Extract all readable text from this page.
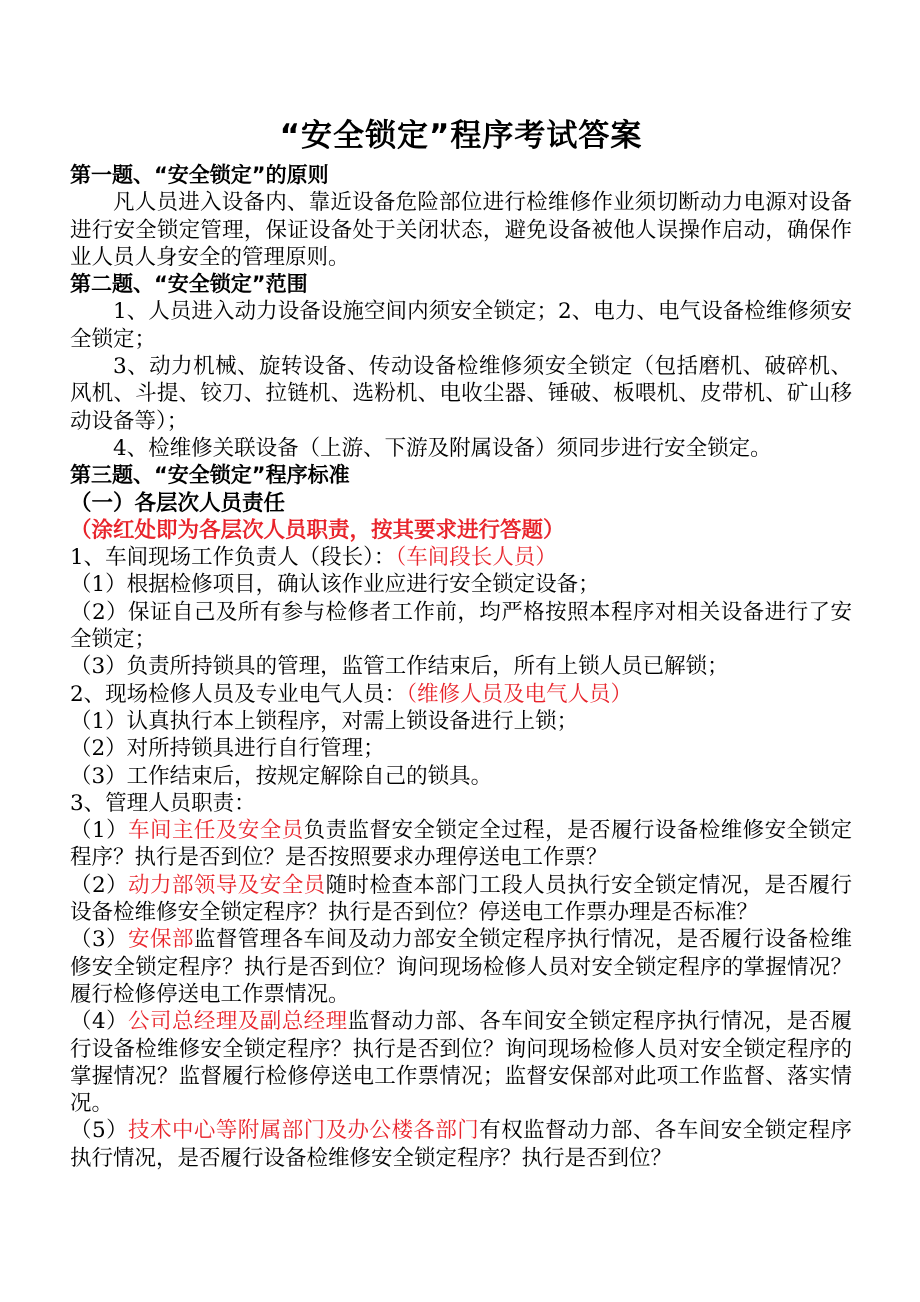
“安全锁定”程序考试答案

第一题、“安全锁定”的原则

凡人员进入设备内、靠近设备危险部位进行检维修作业须切断动力电源对设备进行安全锁定管理，保证设备处于关闭状态，避免设备被他人误操作启动，确保作业人员人身安全的管理原则。

第二题、“安全锁定”范围

1、人员进入动力设备设施空间内须安全锁定；2、电力、电气设备检维修须安全锁定；

3、动力机械、旋转设备、传动设备检维修须安全锁定（包括磨机、破碎机、风机、斗提、铰刀、拉链机、选粉机、电收尘器、锤破、板喂机、皮带机、矿山移动设备等）；

4、检维修关联设备（上游、下游及附属设备）须同步进行安全锁定。

第三题、“安全锁定”程序标准

（一）各层次人员责任

（涂红处即为各层次人员职责，按其要求进行答题）

1、车间现场工作负责人（段长）：（车间段长人员）

（1）根据检修项目，确认该作业应进行安全锁定设备；

（2）保证自己及所有参与检修者工作前，均严格按照本程序对相关设备进行了安全锁定；

（3）负责所持锁具的管理，监管工作结束后，所有上锁人员已解锁；

2、现场检修人员及专业电气人员：（维修人员及电气人员）

（1）认真执行本上锁程序，对需上锁设备进行上锁；

（2）对所持锁具进行自行管理；

（3）工作结束后，按规定解除自己的锁具。

3、管理人员职责：

（1）车间主任及安全员负责监督安全锁定全过程，是否履行设备检维修安全锁定程序？执行是否到位？是否按照要求办理停送电工作票？

（2）动力部领导及安全员随时检查本部门工段人员执行安全锁定情况，是否履行设备检维修安全锁定程序？执行是否到位？停送电工作票办理是否标准？

（3）安保部监督管理各车间及动力部安全锁定程序执行情况，是否履行设备检维修安全锁定程序？执行是否到位？询问现场检修人员对安全锁定程序的掌握情况？履行检修停送电工作票情况。

（4）公司总经理及副总经理监督动力部、各车间安全锁定程序执行情况，是否履行设备检维修安全锁定程序？执行是否到位？询问现场检修人员对安全锁定程序的掌握情况？监督履行检修停送电工作票情况；监督安保部对此项工作监督、落实情况。

（5）技术中心等附属部门及办公楼各部门有权监督动力部、各车间安全锁定程序执行情况，是否履行设备检维修安全锁定程序？执行是否到位？
